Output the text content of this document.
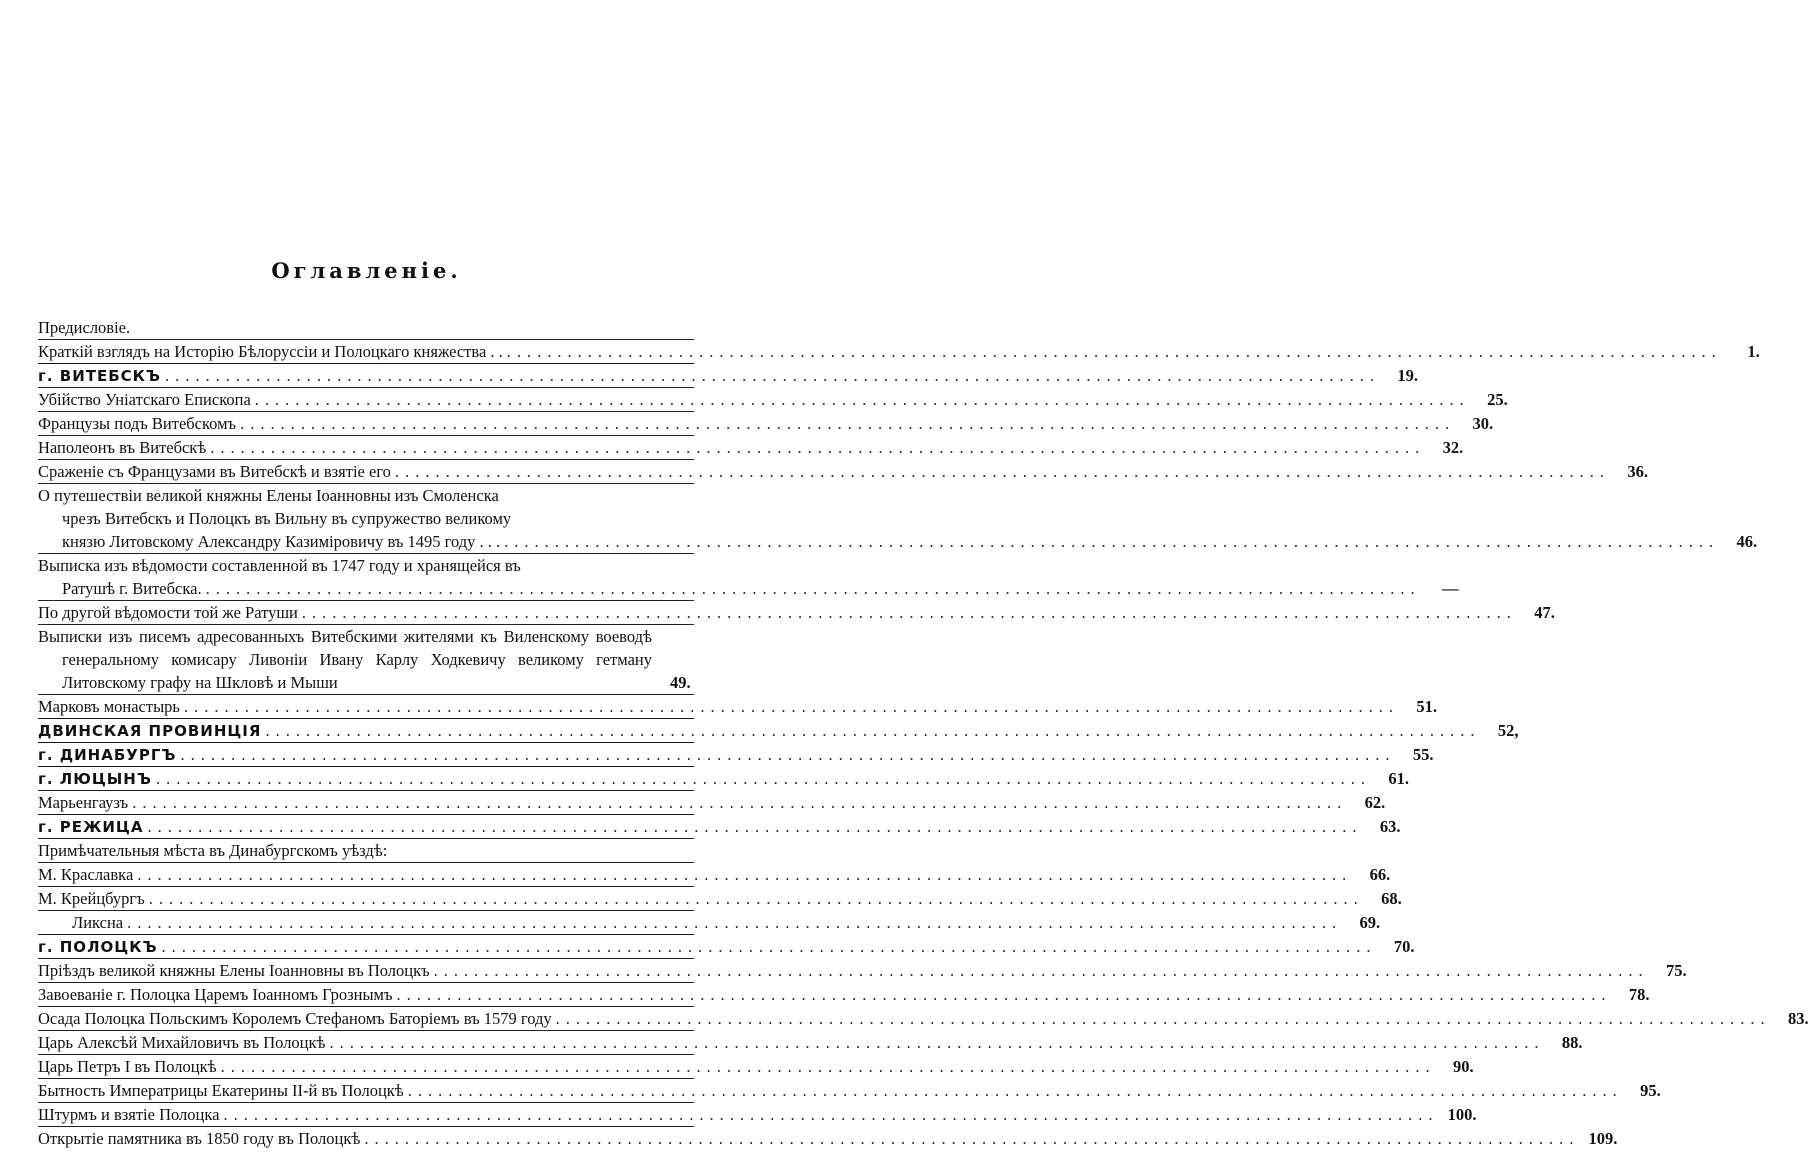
Оглавленiе.
Предисловіе.
Краткій взглядъ на Исторію Бѣлоруссіи и Полоцкаго княжества . . ........................................................................................................................	1.
г. ВИТЕБСКЪ ........................................................................................................................	19.
Убійство Уніатскаго Епископа ........................................................................................................................	25.
Французы подъ Витебскомъ ........................................................................................................................	30.
Наполеонъ въ Витебскѣ ........................................................................................................................	32.
Сраженіе съ Французами въ Витебскѣ и взятіе его ........................................................................................................................	36.
О путешествіи великой княжны Елены Іоанновны изъ Смоленска
чрезъ Витебскъ и Полоцкъ въ Вильну въ супружество великому
князю Литовскому Александру Казиміровичу въ 1495 году . . . ........................................................................................................................	46.
Выписка изъ вѣдомости составленной въ 1747 году и хранящейся въ
Ратушѣ г. Витебска. ........................................................................................................................	—
По другой вѣдомости той же Ратуши ........................................................................................................................	47.
Выписки изъ писемъ адресованныхъ Витебскими жителями къ Виленскому воеводѣ генеральному комисару Ливоніи Ивану Карлу Ходкевичу великому гетману Литовскому графу на Шкловѣ и Мыши	49.
Марковъ монастырь ........................................................................................................................	51.
ДВИНСКАЯ ПРОВИНЦІЯ ........................................................................................................................	52,
г. ДИНАБУРГЪ ........................................................................................................................	55.
г. ЛЮЦЫНЪ ........................................................................................................................	61.
Марьенгаузъ ........................................................................................................................	62.
г. РЕЖИЦА ........................................................................................................................	63.
Примѣчательныя мѣста въ Динабургскомъ уѣздѣ:
М. Краславка ........................................................................................................................	66.
М. Крейцбургъ ........................................................................................................................	68.
Ликсна ........................................................................................................................	69.
г. ПОЛОЦКЪ ........................................................................................................................	70.
Пріѣздъ великой княжны Елены Іоанновны въ Полоцкъ ........................................................................................................................	75.
Завоеваніе г. Полоцка Царемъ Іоанномъ Грознымъ ........................................................................................................................	78.
Осада Полоцка Польскимъ Королемъ Стефаномъ Баторіемъ въ 1579 году ........................................................................................................................	83.
Царь Алексѣй Михайловичъ въ Полоцкѣ ........................................................................................................................	88.
Царь Петръ I въ Полоцкѣ ........................................................................................................................	90.
Бытность Императрицы Екатерины II-й въ Полоцкѣ ........................................................................................................................	95.
Штурмъ и взятіе Полоцка ........................................................................................................................ 100.
Открытіе памятника въ 1850 году въ Полоцкѣ ........................................................................................................................ 109.
